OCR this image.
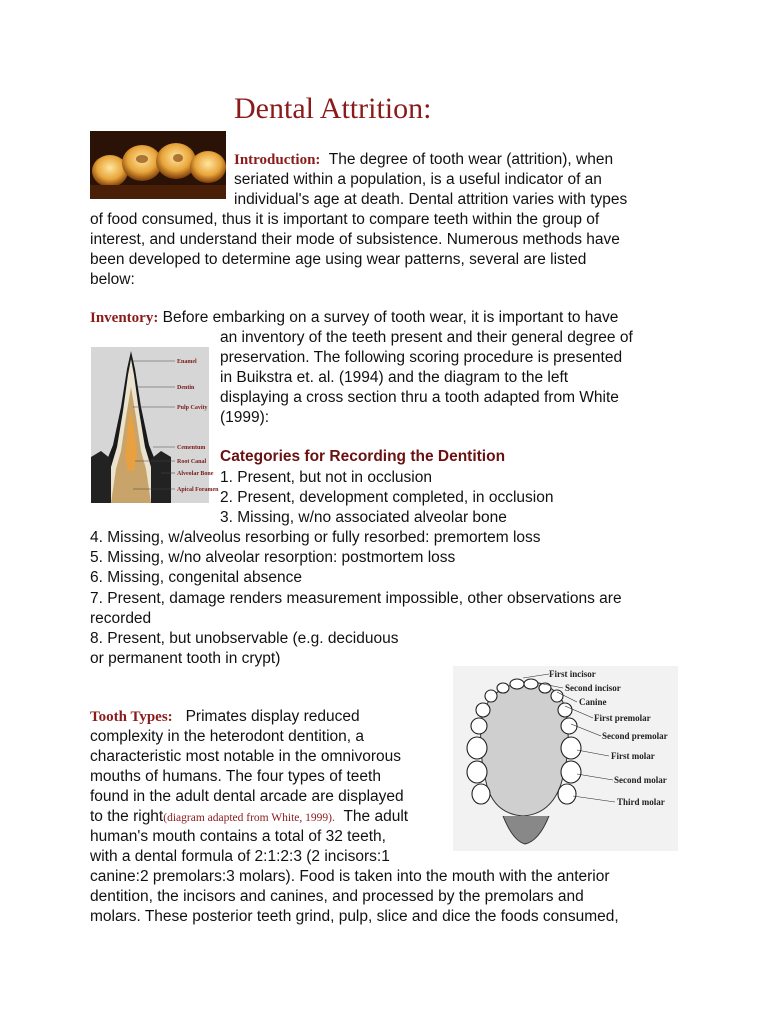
Dental Attrition:
Introduction: The degree of tooth wear (attrition), when
seriated within a population, is a useful indicator of an
individual's age at death. Dental attrition varies with types
of food consumed, thus it is important to compare teeth within the group of
interest, and understand their mode of subsistence. Numerous methods have
been developed to determine age using wear patterns, several are listed
below:
Inventory: Before embarking on a survey of tooth wear, it is important to have
an inventory of the teeth present and their general degree of
preservation. The following scoring procedure is presented
in Buikstra et. al. (1994) and the diagram to the left
displaying a cross section thru a tooth adapted from White
(1999):
Enamel
Dentin
Pulp Cavity
Cementum
Root Canal
Alveolar Bone
Apical Foramen
Categories for Recording the Dentition
1. Present, but not in occlusion
2. Present, development completed, in occlusion
3. Missing, w/no associated alveolar bone
4. Missing, w/alveolus resorbing or fully resorbed: premortem loss
5. Missing, w/no alveolar resorption: postmortem loss
6. Missing, congenital absence
7. Present, damage renders measurement impossible, other observations are
recorded
8. Present, but unobservable (e.g. deciduous
or permanent tooth in crypt)
First incisor
Second incisor
Canine
First premolar
Second premolar
First molar
Second molar
Third molar
Tooth Types: Primates display reduced
complexity in the heterodont dentition, a
characteristic most notable in the omnivorous
mouths of humans. The four types of teeth
found in the adult dental arcade are displayed
to the right(diagram adapted from White, 1999). The adult
human's mouth contains a total of 32 teeth,
with a dental formula of 2:1:2:3 (2 incisors:1
canine:2 premolars:3 molars). Food is taken into the mouth with the anterior
dentition, the incisors and canines, and processed by the premolars and
molars. These posterior teeth grind, pulp, slice and dice the foods consumed,
